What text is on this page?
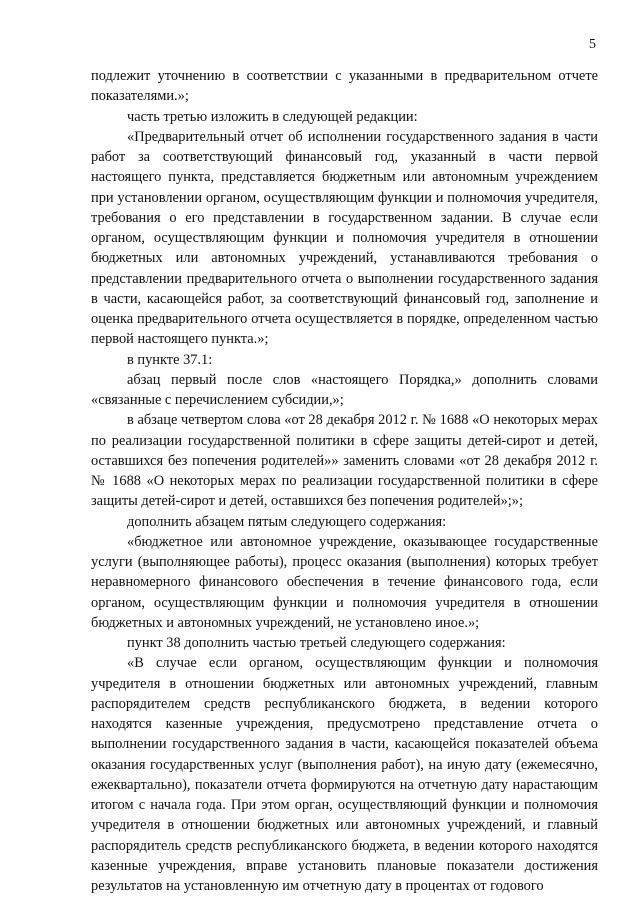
5

подлежит уточнению в соответствии с указанными в предварительном отчете показателями.»;

часть третью изложить в следующей редакции:

«Предварительный отчет об исполнении государственного задания в части работ за соответствующий финансовый год, указанный в части первой настоящего пункта, представляется бюджетным или автономным учреждением при установлении органом, осуществляющим функции и полномочия учредителя, требования о его представлении в государственном задании. В случае если органом, осуществляющим функции и полномочия учредителя в отношении бюджетных или автономных учреждений, устанавливаются требования о представлении предварительного отчета о выполнении государственного задания в части, касающейся работ, за соответствующий финансовый год, заполнение и оценка предварительного отчета осуществляется в порядке, определенном частью первой настоящего пункта.»;

в пункте 37.1:

абзац первый после слов «настоящего Порядка,» дополнить словами «связанные с перечислением субсидии,»;

в абзаце четвертом слова «от 28 декабря 2012 г. № 1688 «О некоторых мерах по реализации государственной политики в сфере защиты детей-сирот и детей, оставшихся без попечения родителей»» заменить словами «от 28 декабря 2012 г. № 1688 «О некоторых мерах по реализации государственной политики в сфере защиты детей-сирот и детей, оставшихся без попечения родителей»;»;

дополнить абзацем пятым следующего содержания:

«бюджетное или автономное учреждение, оказывающее государственные услуги (выполняющее работы), процесс оказания (выполнения) которых требует неравномерного финансового обеспечения в течение финансового года, если органом, осуществляющим функции и полномочия учредителя в отношении бюджетных и автономных учреждений, не установлено иное.»;

пункт 38 дополнить частью третьей следующего содержания:

«В случае если органом, осуществляющим функции и полномочия учредителя в отношении бюджетных или автономных учреждений, главным распорядителем средств республиканского бюджета, в ведении которого находятся казенные учреждения, предусмотрено представление отчета о выполнении государственного задания в части, касающейся показателей объема оказания государственных услуг (выполнения работ), на иную дату (ежемесячно, ежеквартально), показатели отчета формируются на отчетную дату нарастающим итогом с начала года. При этом орган, осуществляющий функции и полномочия учредителя в отношении бюджетных или автономных учреждений, и главный распорядитель средств республиканского бюджета, в ведении которого находятся казенные учреждения, вправе установить плановые показатели достижения результатов на установленную им отчетную дату в процентах от годового
